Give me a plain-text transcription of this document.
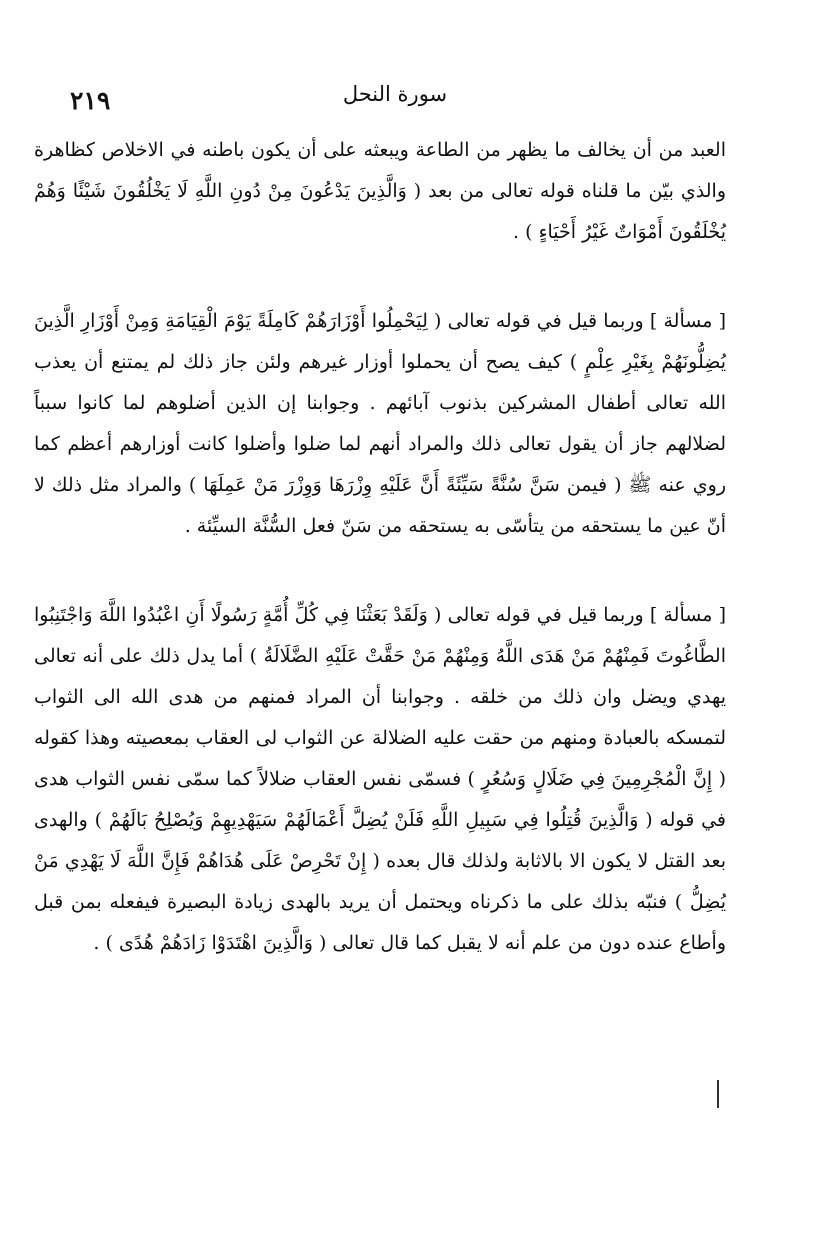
سورة النحل
٢١٩

العبد من أن يخالف ما يظهر من الطاعة ويبعثه على أن يكون باطنه في الاخلاص كظاهرة والذي بيّن ما قلناه قوله تعالى من بعد ( وَالَّذِينَ يَدْعُونَ مِنْ دُونِ اللَّهِ لَا يَخْلُقُونَ شَيْئًا وَهُمْ يُخْلَقُونَ أَمْوَاتٌ غَيْرُ أَحْيَاءٍ ) .

[ مسألة ] وربما قيل في قوله تعالى ( لِيَحْمِلُوا أَوْزَارَهُمْ كَامِلَةً يَوْمَ الْقِيَامَةِ وَمِنْ أَوْزَارِ الَّذِينَ يُضِلُّونَهُمْ بِغَيْرِ عِلْمٍ ) كيف يصح أن يحملوا أوزار غيرهم ولئن جاز ذلك لم يمتنع أن يعذب الله تعالى أطفال المشركين بذنوب آبائهم . وجوابنا إن الذين أضلوهم لما كانوا سبباً لضلالهم جاز أن يقول تعالى ذلك والمراد أنهم لما ضلوا وأضلوا كانت أوزارهم أعظم كما روي عنه ﷺ ( فيمن سَنَّ سُنَّةً سَيِّئَةً أَنَّ عَلَيْهِ وِزْرَهَا وَوِزْرَ مَنْ عَمِلَهَا ) والمراد مثل ذلك لا أنّ عين ما يستحقه من يتأسّى به يستحقه من سَنّ فعل السُّنَّة السيِّئة .

[ مسألة ] وربما قيل في قوله تعالى ( وَلَقَدْ بَعَثْنَا فِي كُلِّ أُمَّةٍ رَسُولًا أَنِ اعْبُدُوا اللَّهَ وَاجْتَنِبُوا الطَّاغُوتَ فَمِنْهُمْ مَنْ هَدَى اللَّهُ وَمِنْهُمْ مَنْ حَقَّتْ عَلَيْهِ الضَّلَالَةُ ) أما يدل ذلك على أنه تعالى يهدي ويضل وان ذلك من خلقه . وجوابنا أن المراد فمنهم من هدى الله الى الثواب لتمسكه بالعبادة ومنهم من حقت عليه الضلالة عن الثواب لى العقاب بمعصيته وهذا كقوله ( إِنَّ الْمُجْرِمِينَ فِي ضَلَالٍ وَسُعُرٍ ) فسمّى نفس العقاب ضلالاً كما سمّى نفس الثواب هدى في قوله ( وَالَّذِينَ قُتِلُوا فِي سَبِيلِ اللَّهِ فَلَنْ يُضِلَّ أَعْمَالَهُمْ سَيَهْدِيهِمْ وَيُصْلِحُ بَالَهُمْ ) والهدى بعد القتل لا يكون الا بالاثابة ولذلك قال بعده ( إِنْ تَحْرِصْ عَلَى هُدَاهُمْ فَإِنَّ اللَّهَ لَا يَهْدِي مَنْ يُضِلُّ ) فنبّه بذلك على ما ذكرناه ويحتمل أن يريد بالهدى زيادة البصيرة فيفعله بمن قبل وأطاع عنده دون من علم أنه لا يقبل كما قال تعالى ( وَالَّذِينَ اهْتَدَوْا زَادَهُمْ هُدًى ) .
